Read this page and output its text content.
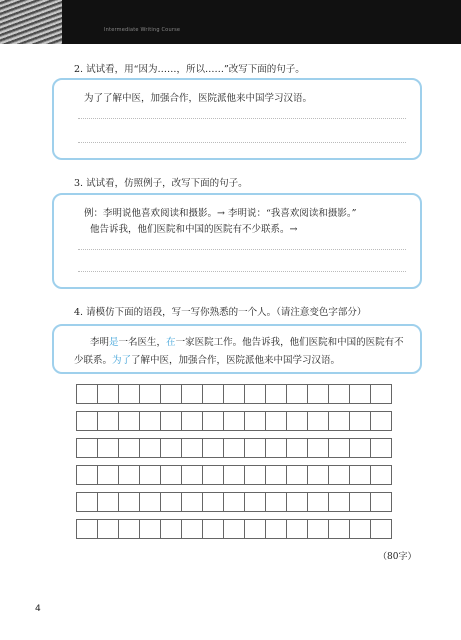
Intermediate Writing Course
2. 试试看，用“因为……，所以……”改写下面的句子。

为了了解中医，加强合作，医院派他来中国学习汉语。

3. 试试看，仿照例子，改写下面的句子。

例：李明说他喜欢阅读和摄影。→ 李明说：“我喜欢阅读和摄影。”

他告诉我，他们医院和中国的医院有不少联系。→

4. 请模仿下面的语段，写一写你熟悉的一个人。（请注意变色字部分）

李明是一名医生，在一家医院工作。他告诉我，他们医院和中国的医院有不

少联系。为了了解中医，加强合作，医院派他来中国学习汉语。

（80字）
4
